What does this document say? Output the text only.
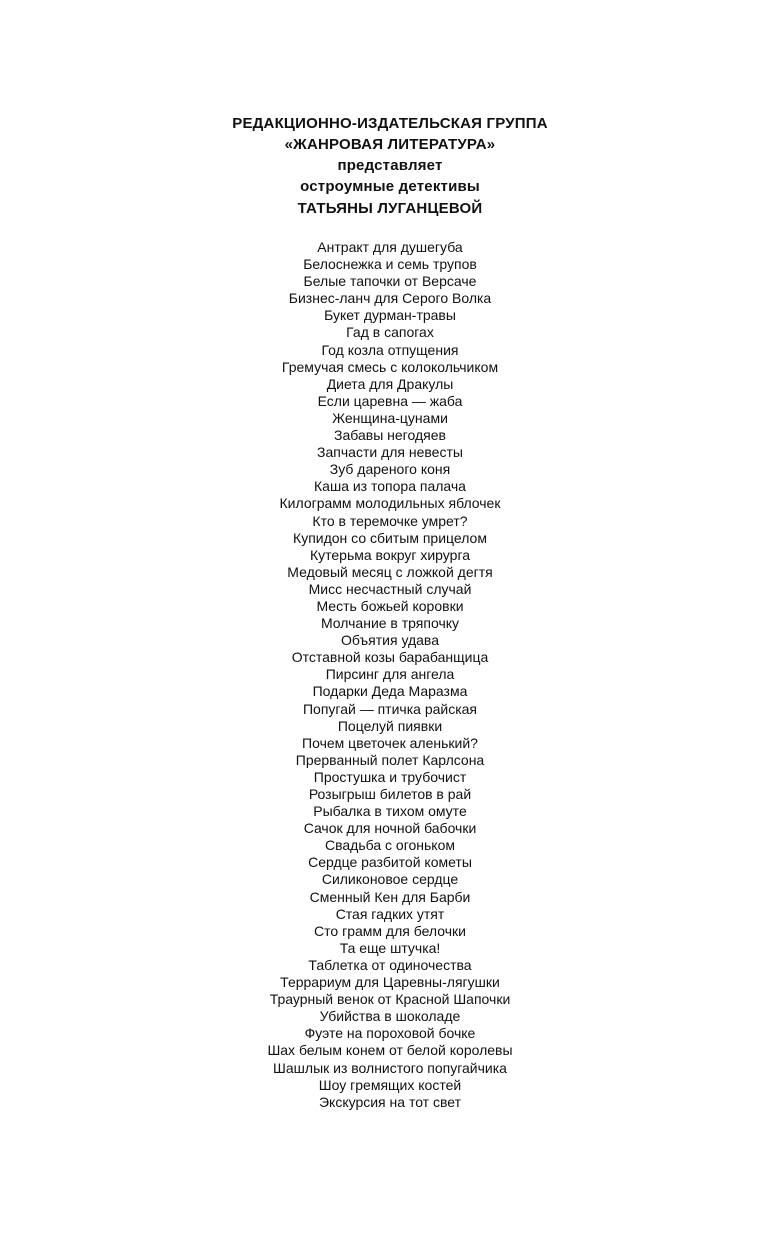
РЕДАКЦИОННО-ИЗДАТЕЛЬСКАЯ ГРУППА
«ЖАНРОВАЯ ЛИТЕРАТУРА»
представляет
остроумные детективы
ТАТЬЯНЫ ЛУГАНЦЕВОЙ
Антракт для душегуба
Белоснежка и семь трупов
Белые тапочки от Версаче
Бизнес-ланч для Серого Волка
Букет дурман-травы
Гад в сапогах
Год козла отпущения
Гремучая смесь с колокольчиком
Диета для Дракулы
Если царевна — жаба
Женщина-цунами
Забавы негодяев
Запчасти для невесты
Зуб дареного коня
Каша из топора палача
Килограмм молодильных яблочек
Кто в теремочке умрет?
Купидон со сбитым прицелом
Кутерьма вокруг хирурга
Медовый месяц с ложкой дегтя
Мисс несчастный случай
Месть божьей коровки
Молчание в тряпочку
Объятия удава
Отставной козы барабанщица
Пирсинг для ангела
Подарки Деда Маразма
Попугай — птичка райская
Поцелуй пиявки
Почем цветочек аленький?
Прерванный полет Карлсона
Простушка и трубочист
Розыгрыш билетов в рай
Рыбалка в тихом омуте
Сачок для ночной бабочки
Свадьба с огоньком
Сердце разбитой кометы
Силиконовое сердце
Сменный Кен для Барби
Стая гадких утят
Сто грамм для белочки
Та еще штучка!
Таблетка от одиночества
Террариум для Царевны-лягушки
Траурный венок от Красной Шапочки
Убийства в шоколаде
Фуэте на пороховой бочке
Шах белым конем от белой королевы
Шашлык из волнистого попугайчика
Шоу гремящих костей
Экскурсия на тот свет
